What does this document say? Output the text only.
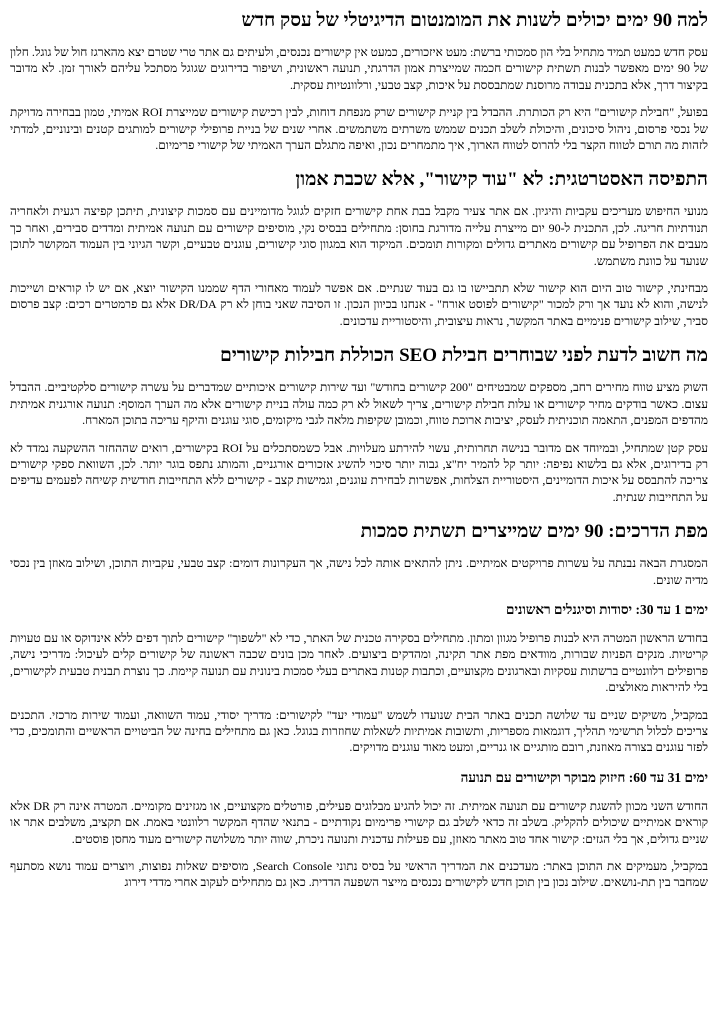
למה 90 ימים יכולים לשנות את המומנטום הדיגיטלי של עסק חדש

עסק חדש כמעט תמיד מתחיל בלי הון סמכותי ברשת: מעט איזכורים, כמעט אין קישורים נכנסים, ולעיתים גם אתר טרי שטרם יצא מהארגז חול של גוגל. חלון של 90 ימים מאפשר לבנות תשתית קישורים חכמה שמייצרת אמון הדרגתי, תנועה ראשונית, ושיפור בדירוגים שגוגל מסתכל עליהם לאורך זמן. לא מדובר בקיצור דרך, אלא בתכנית עבודה מרוסנת שמתבססת על איכות, קצב טבעי, ורלוונטיות עסקית.

בפועל, "חבילת קישורים" היא רק הכותרת. ההבדל בין קניית קישורים שרק מנפחת דוחות, לבין רכישת קישורים שמייצרת ROI אמיתי, טמון בבחירה מדויקת של נכסי פרסום, ניהול סיכונים, והיכולת לשלב תכנים שממש משרתים משתמשים. אחרי שנים של בניית פרופילי קישורים למותגים קטנים ובינוניים, למדתי לזהות מה תורם לטווח הקצר בלי להרוס לטווח הארוך, איך מתמחרים נכון, ואיפה מתגלם הערך האמיתי של קישורי פרימיום.

התפיסה האסטרטגית: לא "עוד קישור", אלא שכבת אמון

מנועי החיפוש מעריכים עקביות והיגיון. אם אתר צעיר מקבל בבת אחת קישורים חזקים לגוגל מדומיינים עם סמכות קיצונית, תיתכן קפיצה רגעית ולאחריה תנודתיות חריגה. לכן, התכנית ל-90 יום מייצרת עלייה מדורגת בחוסן: מתחילים בבסיס נקי, מוסיפים קישורים עם תנועה אמיתית ומדדים סבירים, ואחר כך מעבים את הפרופיל עם קישורים מאתרים גדולים ומקורות תומכים. המיקוד הוא במגוון סוגי קישורים, עוגנים טבעיים, וקשר הגיוני בין העמוד המקושר לתוכן שנועד על כוונת משתמש.

מבחינתי, קישור טוב היום הוא קישור שלא תתביישו בו גם בעוד שנתיים. אם אפשר לעמוד מאחורי הדף שממנו הקישור יוצא, אם יש לו קוראים ושייכות לנישה, והוא לא נועד אך ורק למכור "קישורים לפוסט אורח" - אנחנו בכיוון הנכון. זו הסיבה שאני בוחן לא רק DR/DA אלא גם פרמטרים רכים: קצב פרסום סביר, שילוב קישורים פנימיים באתר המקשר, נראות עיצובית, והיסטוריית עדכונים.

מה חשוב לדעת לפני שבוחרים חבילת SEO הכוללת חבילות קישורים

השוק מציע טווח מחירים רחב, מספקים שמבטיחים "200 קישורים בחודש" ועד שירות קישורים איכותיים שמדברים על עשרה קישורים סלקטיביים. ההבדל עצום. כאשר בודקים מחיר קישורים או עלות חבילת קישורים, צריך לשאול לא רק כמה עולה בניית קישורים אלא מה הערך המוסף: תנועה אורגנית אמיתית מהדפים המפנים, התאמה תוכניתית לעסק, יציבות ארוכת טווח, וכמובן שקיפות מלאה לגבי מיקומים, סוגי עוגנים והיקף עריכה בתוכן המארח.

עסק קטן שמתחיל, ובמיוחד אם מדובר בנישה תחרותית, עשוי להירתע מעלויות. אבל כשמסתכלים על ROI בקישורים, רואים שההחזר ההשקעה נמדד לא רק בדירוגים, אלא גם בלשוא נפיפה: יותר קל להמיר יח"צ, גבוה יותר סיכוי להשיג אזכורים אורגניים, והמותג נתפס בוגר יותר. לכן, השוואת ספקי קישורים צריכה להתבסס על איכות הדומיינים, היסטוריית הצלחות, אפשרות לבחירת עוגנים, וגמישות קצב - קישורים ללא התחייבות חודשית קשיחה לפעמים עדיפים על התחייבות שנתית.

מפת הדרכים: 90 ימים שמייצרים תשתית סמכות

המסגרת הבאה נבנתה על עשרות פרויקטים אמיתיים. ניתן להתאים אותה לכל נישה, אך העקרונות דומים: קצב טבעי, עקביות התוכן, ושילוב מאוזן בין נכסי מדיה שונים.

ימים 1 עד 30: יסודות וסיגנלים ראשונים

בחודש הראשון המטרה היא לבנות פרופיל מגוון ומתון. מתחילים בסקירה טכנית של האתר, כדי לא "לשפוך" קישורים לתוך דפים ללא אינדוקס או עם טעויות קריטיות. מנקים הפניות שבורות, מוודאים מפת אתר תקינה, ומהדקים ביצועים. לאחר מכן בונים שכבה ראשונה של קישורים קלים לעיכול: מדריכי נישה, פרופילים רלוונטיים ברשתות עסקיות ובארגונים מקצועיים, וכתבות קטנות באתרים בעלי סמכות בינונית עם תנועה קיימת. כך נוצרת תבנית טבעית לקישורים, בלי להיראות מאולצים.

במקביל, משיקים שניים עד שלושה תכנים באתר הבית שנועדו לשמש "עמודי יעד" לקישורים: מדריך יסודי, עמוד השוואה, ועמוד שירות מרכזי. התכנים צריכים לכלול תרשימי תהליך, דוגמאות מספריות, ותשובות אמיתיות לשאלות שחוזרות בגוגל. כאן גם מתחילים בחינה של הביטויים הראשיים והתומכים, כדי לפזר עוגנים בצורה מאוזנת, רובם מותגיים או גנריים, ומעט מאוד עוגנים מדויקים.

ימים 31 עד 60: חיזוק מבוקר וקישורים עם תנועה

החודש השני מכוון להשגת קישורים עם תנועה אמיתית. זה יכול להגיע מבלוגים פעילים, פורטלים מקצועיים, או מגזינים מקומיים. המטרה אינה רק DR אלא קוראים אמיתיים שיכולים להקליק. בשלב זה כדאי לשלב גם קישורי פרימיום נקודתיים - בתנאי שהדף המקשר רלוונטי באמת. אם תקציב, משלבים אתר או שניים גדולים, אך בלי הגזים: קישור אחד טוב מאתר מאוזן, עם פעילות עדכנית ותנועה ניכרת, שווה יותר משלושה קישורים מעוד מחסן פוסטים.

במקביל, מעמיקים את התוכן באתר: מעדכנים את המדריך הראשי על בסיס נתוני Search Console, מוסיפים שאלות נפוצות, ויוצרים עמוד נושא מסתעף שמחבר בין תת-נושאים. שילוב נכון בין תוכן חדש לקישורים נכנסים מייצר השפעה הדדית. כאן גם מתחילים לעקוב אחרי מדדי דירוג
